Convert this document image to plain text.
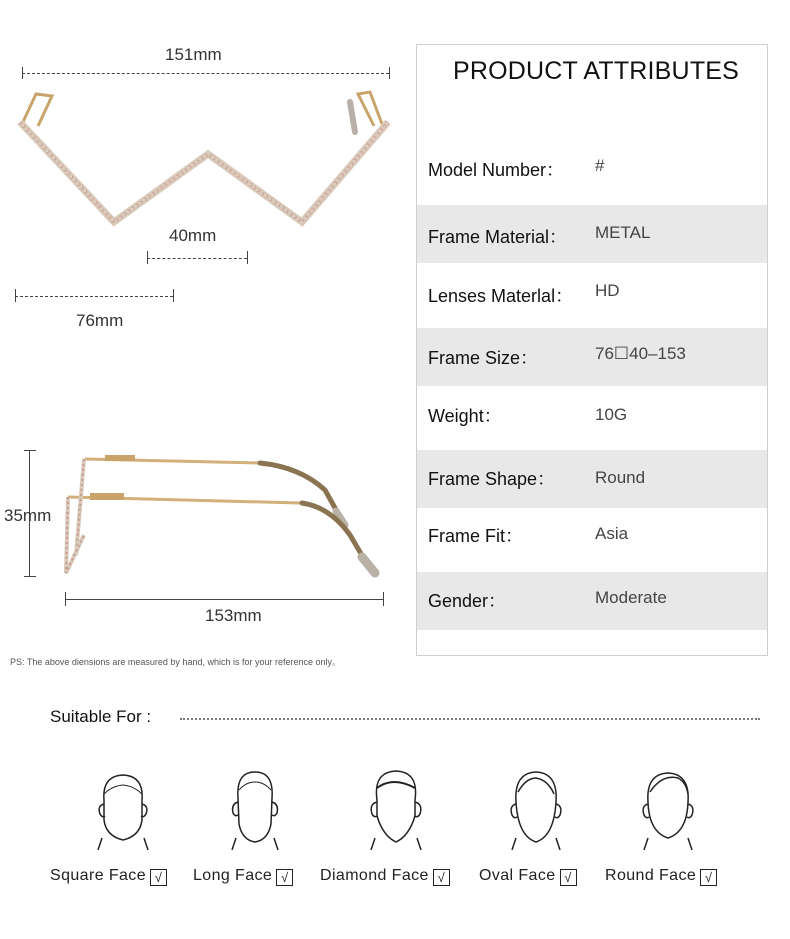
151mm
40mm
76mm
35mm
153mm
PS: The above diensions are measured by hand, which is for your reference only。
PRODUCT ATTRIBUTES
Model Number： #
Frame Material： METAL
Lenses Materlal： HD
Frame Size：	76☐​40–153
Weight：	10G
Frame Shape： Round
Frame Fit：	Asia
Gender：	Moderate
Suitable For :
Square Face √ Long Face √ Diamond Face √ Oval Face √ Round Face √
